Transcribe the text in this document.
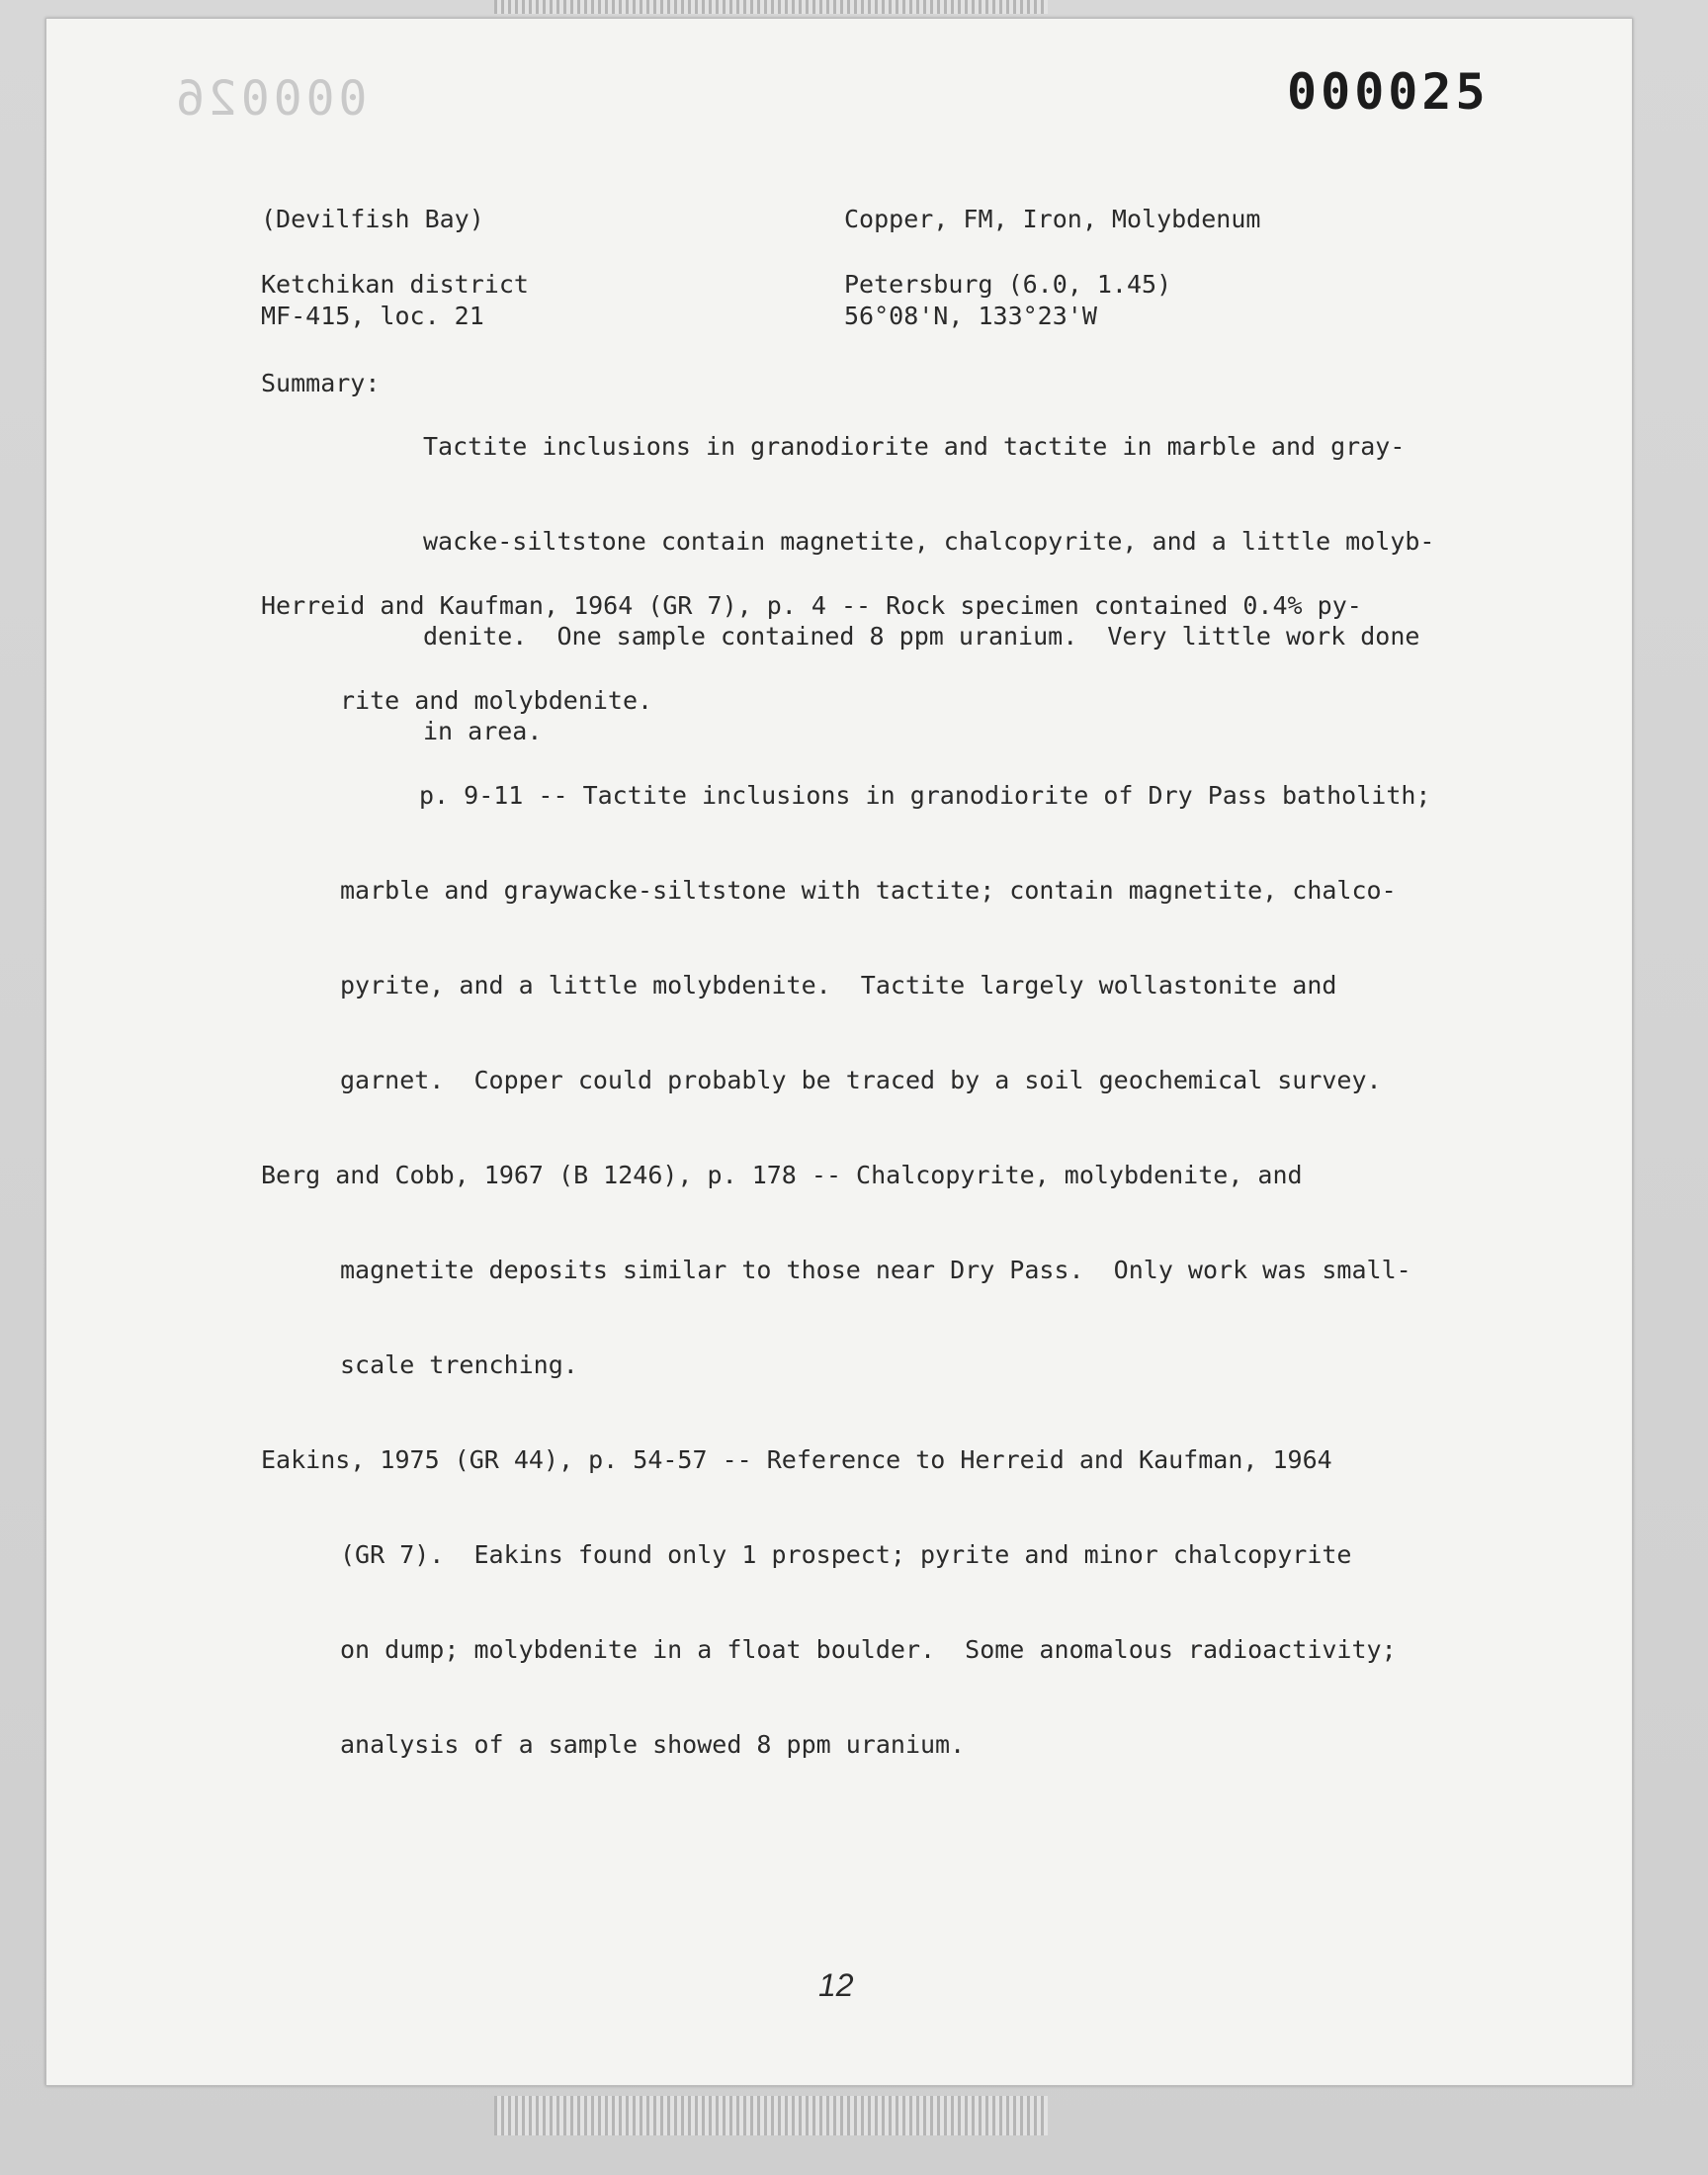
000026	000025
(Devilfish Bay)
Ketchikan district
MF-415, loc. 21
Copper, FM, Iron, Molybdenum
Petersburg (6.0, 1.45)
56°08'N, 133°23'W
Summary:

Tactite inclusions in granodiorite and tactite in marble and gray-

wacke-siltstone contain magnetite, chalcopyrite, and a little molyb-

denite.  One sample contained 8 ppm uranium.  Very little work done

in area.

Herreid and Kaufman, 1964 (GR 7), p. 4 -- Rock specimen contained 0.4% py-

rite and molybdenite.

p. 9-11 -- Tactite inclusions in granodiorite of Dry Pass batholith;

marble and graywacke-siltstone with tactite; contain magnetite, chalco-

pyrite, and a little molybdenite.  Tactite largely wollastonite and

garnet.  Copper could probably be traced by a soil geochemical survey.

Berg and Cobb, 1967 (B 1246), p. 178 -- Chalcopyrite, molybdenite, and

magnetite deposits similar to those near Dry Pass.  Only work was small-

scale trenching.

Eakins, 1975 (GR 44), p. 54-57 -- Reference to Herreid and Kaufman, 1964

(GR 7).  Eakins found only 1 prospect; pyrite and minor chalcopyrite

on dump; molybdenite in a float boulder.  Some anomalous radioactivity;

analysis of a sample showed 8 ppm uranium.

12
